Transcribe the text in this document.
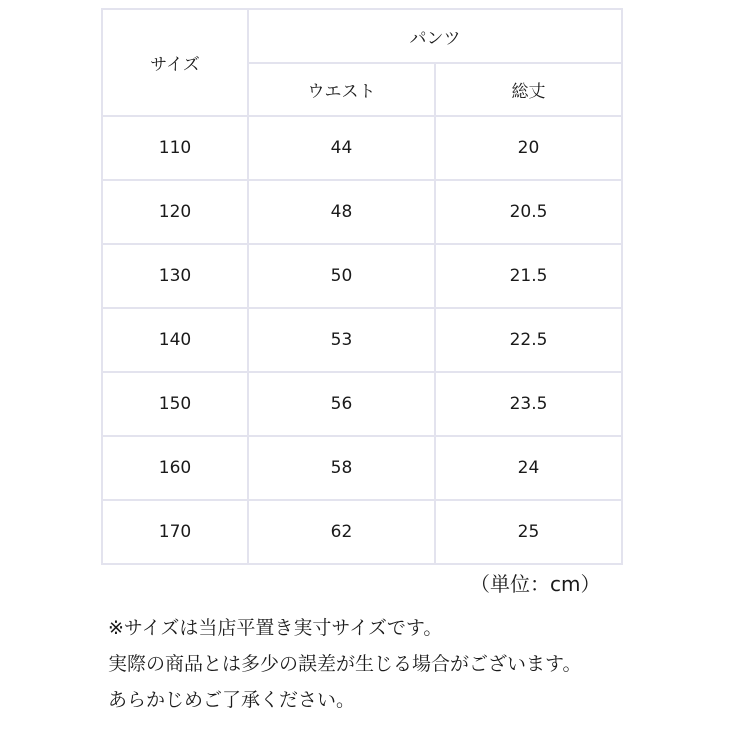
サイズ	パンツ	
	ウエスト	総丈
110	44	20
120	48	20.5
130	50	21.5
140	53	22.5
150	56	23.5
160	58	24
170	62	25
（単位：cm）
※サイズは当店平置き実寸サイズです。
実際の商品とは多少の誤差が生じる場合がございます。
あらかじめご了承ください。
